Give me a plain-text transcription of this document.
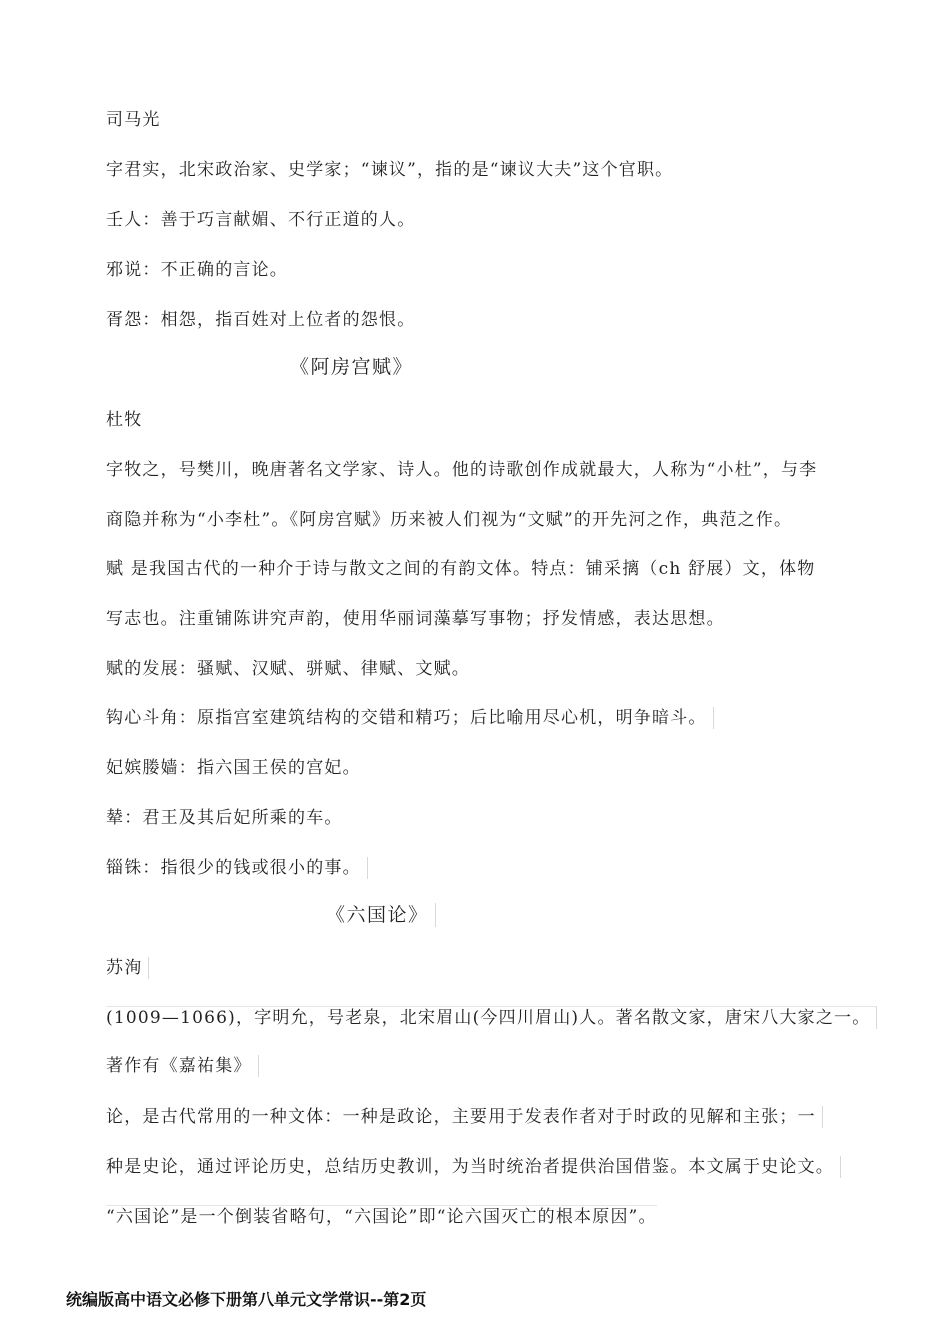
司马光
字君实，北宋政治家、史学家；“谏议”，指的是“谏议大夫”这个官职。
壬人：善于巧言献媚、不行正道的人。
邪说：不正确的言论。
胥怨：相怨，指百姓对上位者的怨恨。
《阿房宫赋》
杜牧
字牧之，号樊川，晚唐著名文学家、诗人。他的诗歌创作成就最大，人称为“小杜”，与李
商隐并称为“小李杜”。《阿房宫赋》历来被人们视为“文赋”的开先河之作，典范之作。
赋 是我国古代的一种介于诗与散文之间的有韵文体。特点：铺采摛（ch 舒展）文，体物
写志也。注重铺陈讲究声韵，使用华丽词藻摹写事物；抒发情感，表达思想。
赋的发展：骚赋、汉赋、骈赋、律赋、文赋。
钩心斗角：原指宫室建筑结构的交错和精巧；后比喻用尽心机，明争暗斗。
妃嫔媵嫱：指六国王侯的宫妃。
辇：君王及其后妃所乘的车。
锱铢：指很少的钱或很小的事。
《六国论》
苏洵
(1009—1066)，字明允，号老泉，北宋眉山(今四川眉山)人。著名散文家，唐宋八大家之一。
著作有《嘉祐集》
论，是古代常用的一种文体：一种是政论，主要用于发表作者对于时政的见解和主张；一
种是史论，通过评论历史，总结历史教训，为当时统治者提供治国借鉴。本文属于史论文。
“六国论”是一个倒装省略句，“六国论”即“论六国灭亡的根本原因”。
统编版高中语文必修下册第八单元文学常识--第2页
